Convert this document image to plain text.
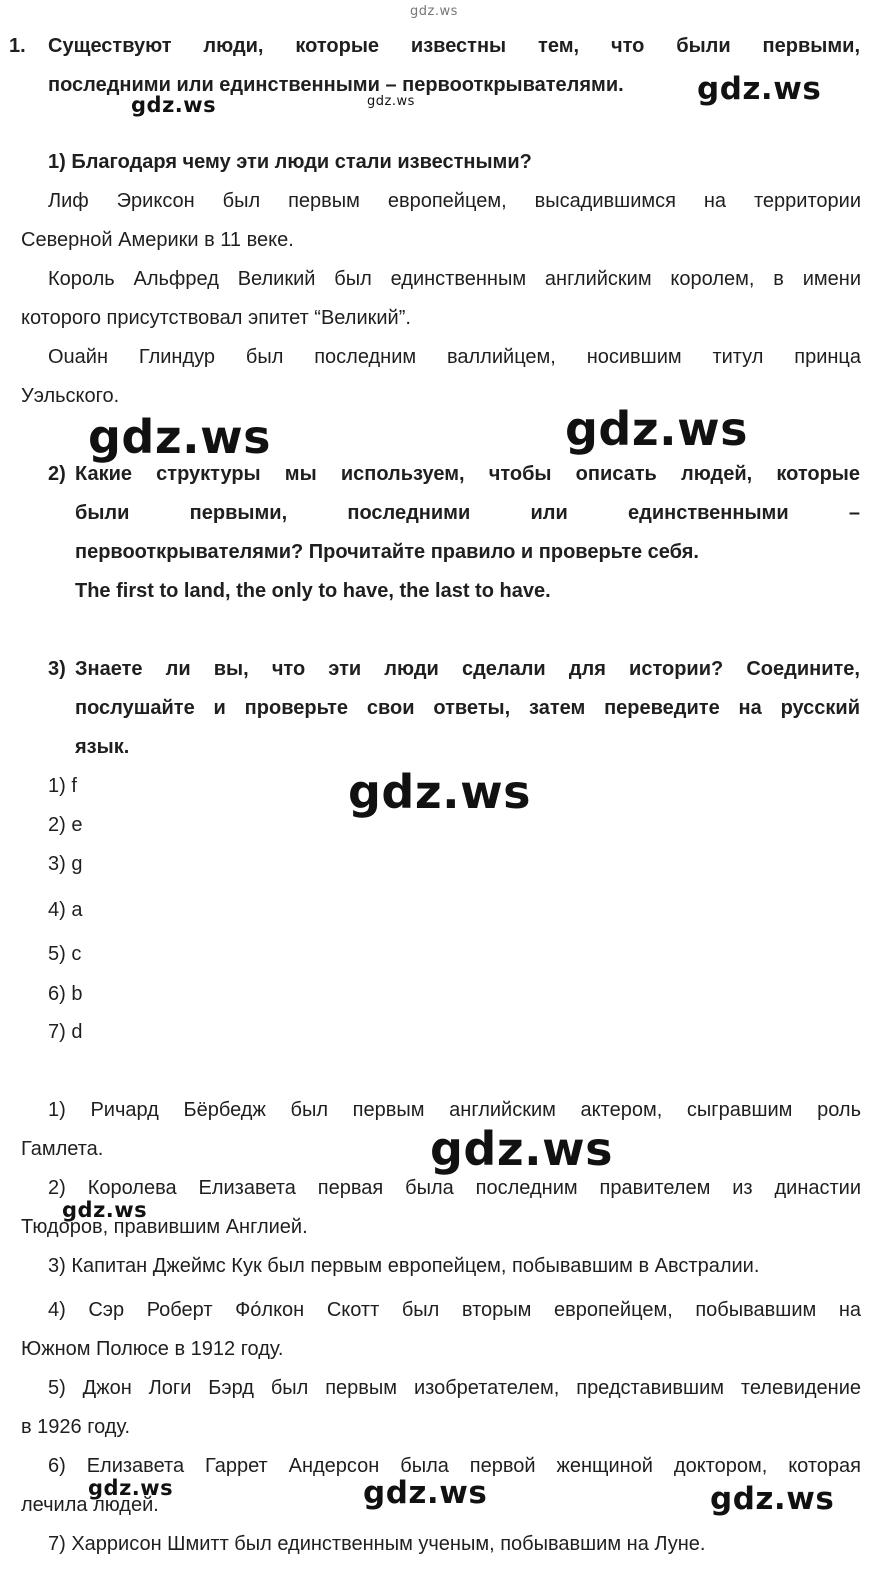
gdz.ws
1. Существуют люди, которые известны тем, что были первыми,
последними или единственными – первооткрывателями.	gdz.ws
gdz.ws	gdz.ws
1) Благодаря чему эти люди стали известными?
Лиф Эриксон был первым европейцем, высадившимся на территории
Северной Америки в 11 веке.
Король Альфред Великий был единственным английским королем, в имени
которого присутствовал эпитет “Великий”.
Ouайн Глиндур был последним валлийцем, носившим титул принца
Уэльского.
gdz.ws	gdz.ws
2) Какие структуры мы используем, чтобы описать людей, которые
были первыми, последними или единственными –
первооткрывателями? Прочитайте правило и проверьте себя.
The first to land, the only to have, the last to have.
3) Знаете ли вы, что эти люди сделали для истории? Соедините,
послушайте и проверьте свои ответы, затем переведите на русский
язык.
gdz.ws
1) f
2) e
3) g
4) a
5) c
6) b
7) d
1) Ричард Бёрбедж был первым английским актером, сыгравшим роль
Гамлета.	gdz.ws
2) Королева Елизавета первая была последним правителем из династии
Тюдоров, правившим Англией.
gdz.ws
3) Капитан Джеймс Кук был первым европейцем, побывавшим в Австралии.
4) Сэр Роберт Фо́лкон Скотт был вторым европейцем, побывавшим на
Южном Полюсе в 1912 году.
5) Джон Логи Бэрд был первым изобретателем, представившим телевидение
в 1926 году.
6) Елизавета Гаррет Андерсон была первой женщиной доктором, которая
лечила людей.
gdz.ws	gdz.ws	gdz.ws
7) Харрисон Шмитт был единственным ученым, побывавшим на Луне.
